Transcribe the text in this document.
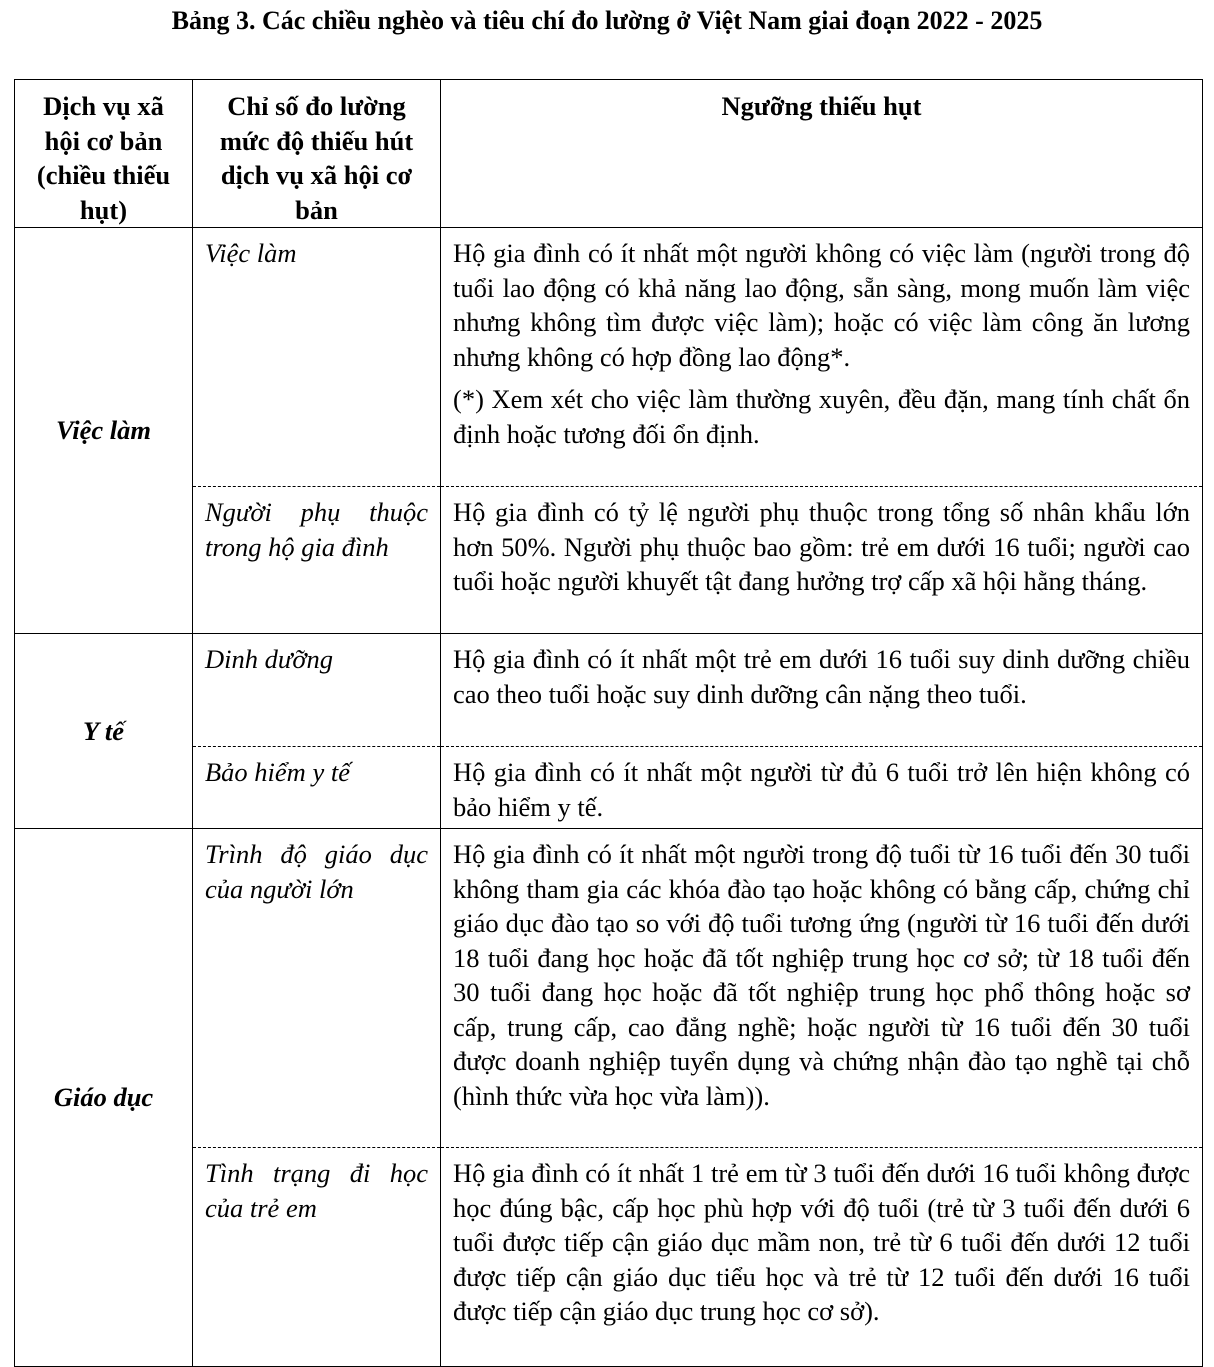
Bảng 3. Các chiều nghèo và tiêu chí đo lường ở Việt Nam giai đoạn 2022 - 2025
Dịch vụ xã hội cơ bản (chiều thiếu hụt)	Chỉ số đo lường mức độ thiếu hút dịch vụ xã hội cơ bản	Ngưỡng thiếu hụt
Việc làm	Việc làm	Hộ gia đình có ít nhất một người không có việc làm (người trong độ tuổi lao động có khả năng lao động, sẵn sàng, mong muốn làm việc nhưng không tìm được việc làm); hoặc có việc làm công ăn lương nhưng không có hợp đồng lao động*.

(*) Xem xét cho việc làm thường xuyên, đều đặn, mang tính chất ổn định hoặc tương đối ổn định.

	Người phụ thuộc trong hộ gia đình	Hộ gia đình có tỷ lệ người phụ thuộc trong tổng số nhân khẩu lớn hơn 50%. Người phụ thuộc bao gồm: trẻ em dưới 16 tuổi; người cao tuổi hoặc người khuyết tật đang hưởng trợ cấp xã hội hằng tháng.
Y tế	Dinh dưỡng	Hộ gia đình có ít nhất một trẻ em dưới 16 tuổi suy dinh dưỡng chiều cao theo tuổi hoặc suy dinh dưỡng cân nặng theo tuổi.
	Bảo hiểm y tế	Hộ gia đình có ít nhất một người từ đủ 6 tuổi trở lên hiện không có bảo hiểm y tế.
Giáo dục	Trình độ giáo dục của người lớn	Hộ gia đình có ít nhất một người trong độ tuổi từ 16 tuổi đến 30 tuổi không tham gia các khóa đào tạo hoặc không có bằng cấp, chứng chỉ giáo dục đào tạo so với độ tuổi tương ứng (người từ 16 tuổi đến dưới 18 tuổi đang học hoặc đã tốt nghiệp trung học cơ sở; từ 18 tuổi đến 30 tuổi đang học hoặc đã tốt nghiệp trung học phổ thông hoặc sơ cấp, trung cấp, cao đẳng nghề; hoặc người từ 16 tuổi đến 30 tuổi được doanh nghiệp tuyển dụng và chứng nhận đào tạo nghề tại chỗ (hình thức vừa học vừa làm)).
	Tình trạng đi học của trẻ em	Hộ gia đình có ít nhất 1 trẻ em từ 3 tuổi đến dưới 16 tuổi không được học đúng bậc, cấp học phù hợp với độ tuổi (trẻ từ 3 tuổi đến dưới 6 tuổi được tiếp cận giáo dục mầm non, trẻ từ 6 tuổi đến dưới 12 tuổi được tiếp cận giáo dục tiểu học và trẻ từ 12 tuổi đến dưới 16 tuổi được tiếp cận giáo dục trung học cơ sở).
